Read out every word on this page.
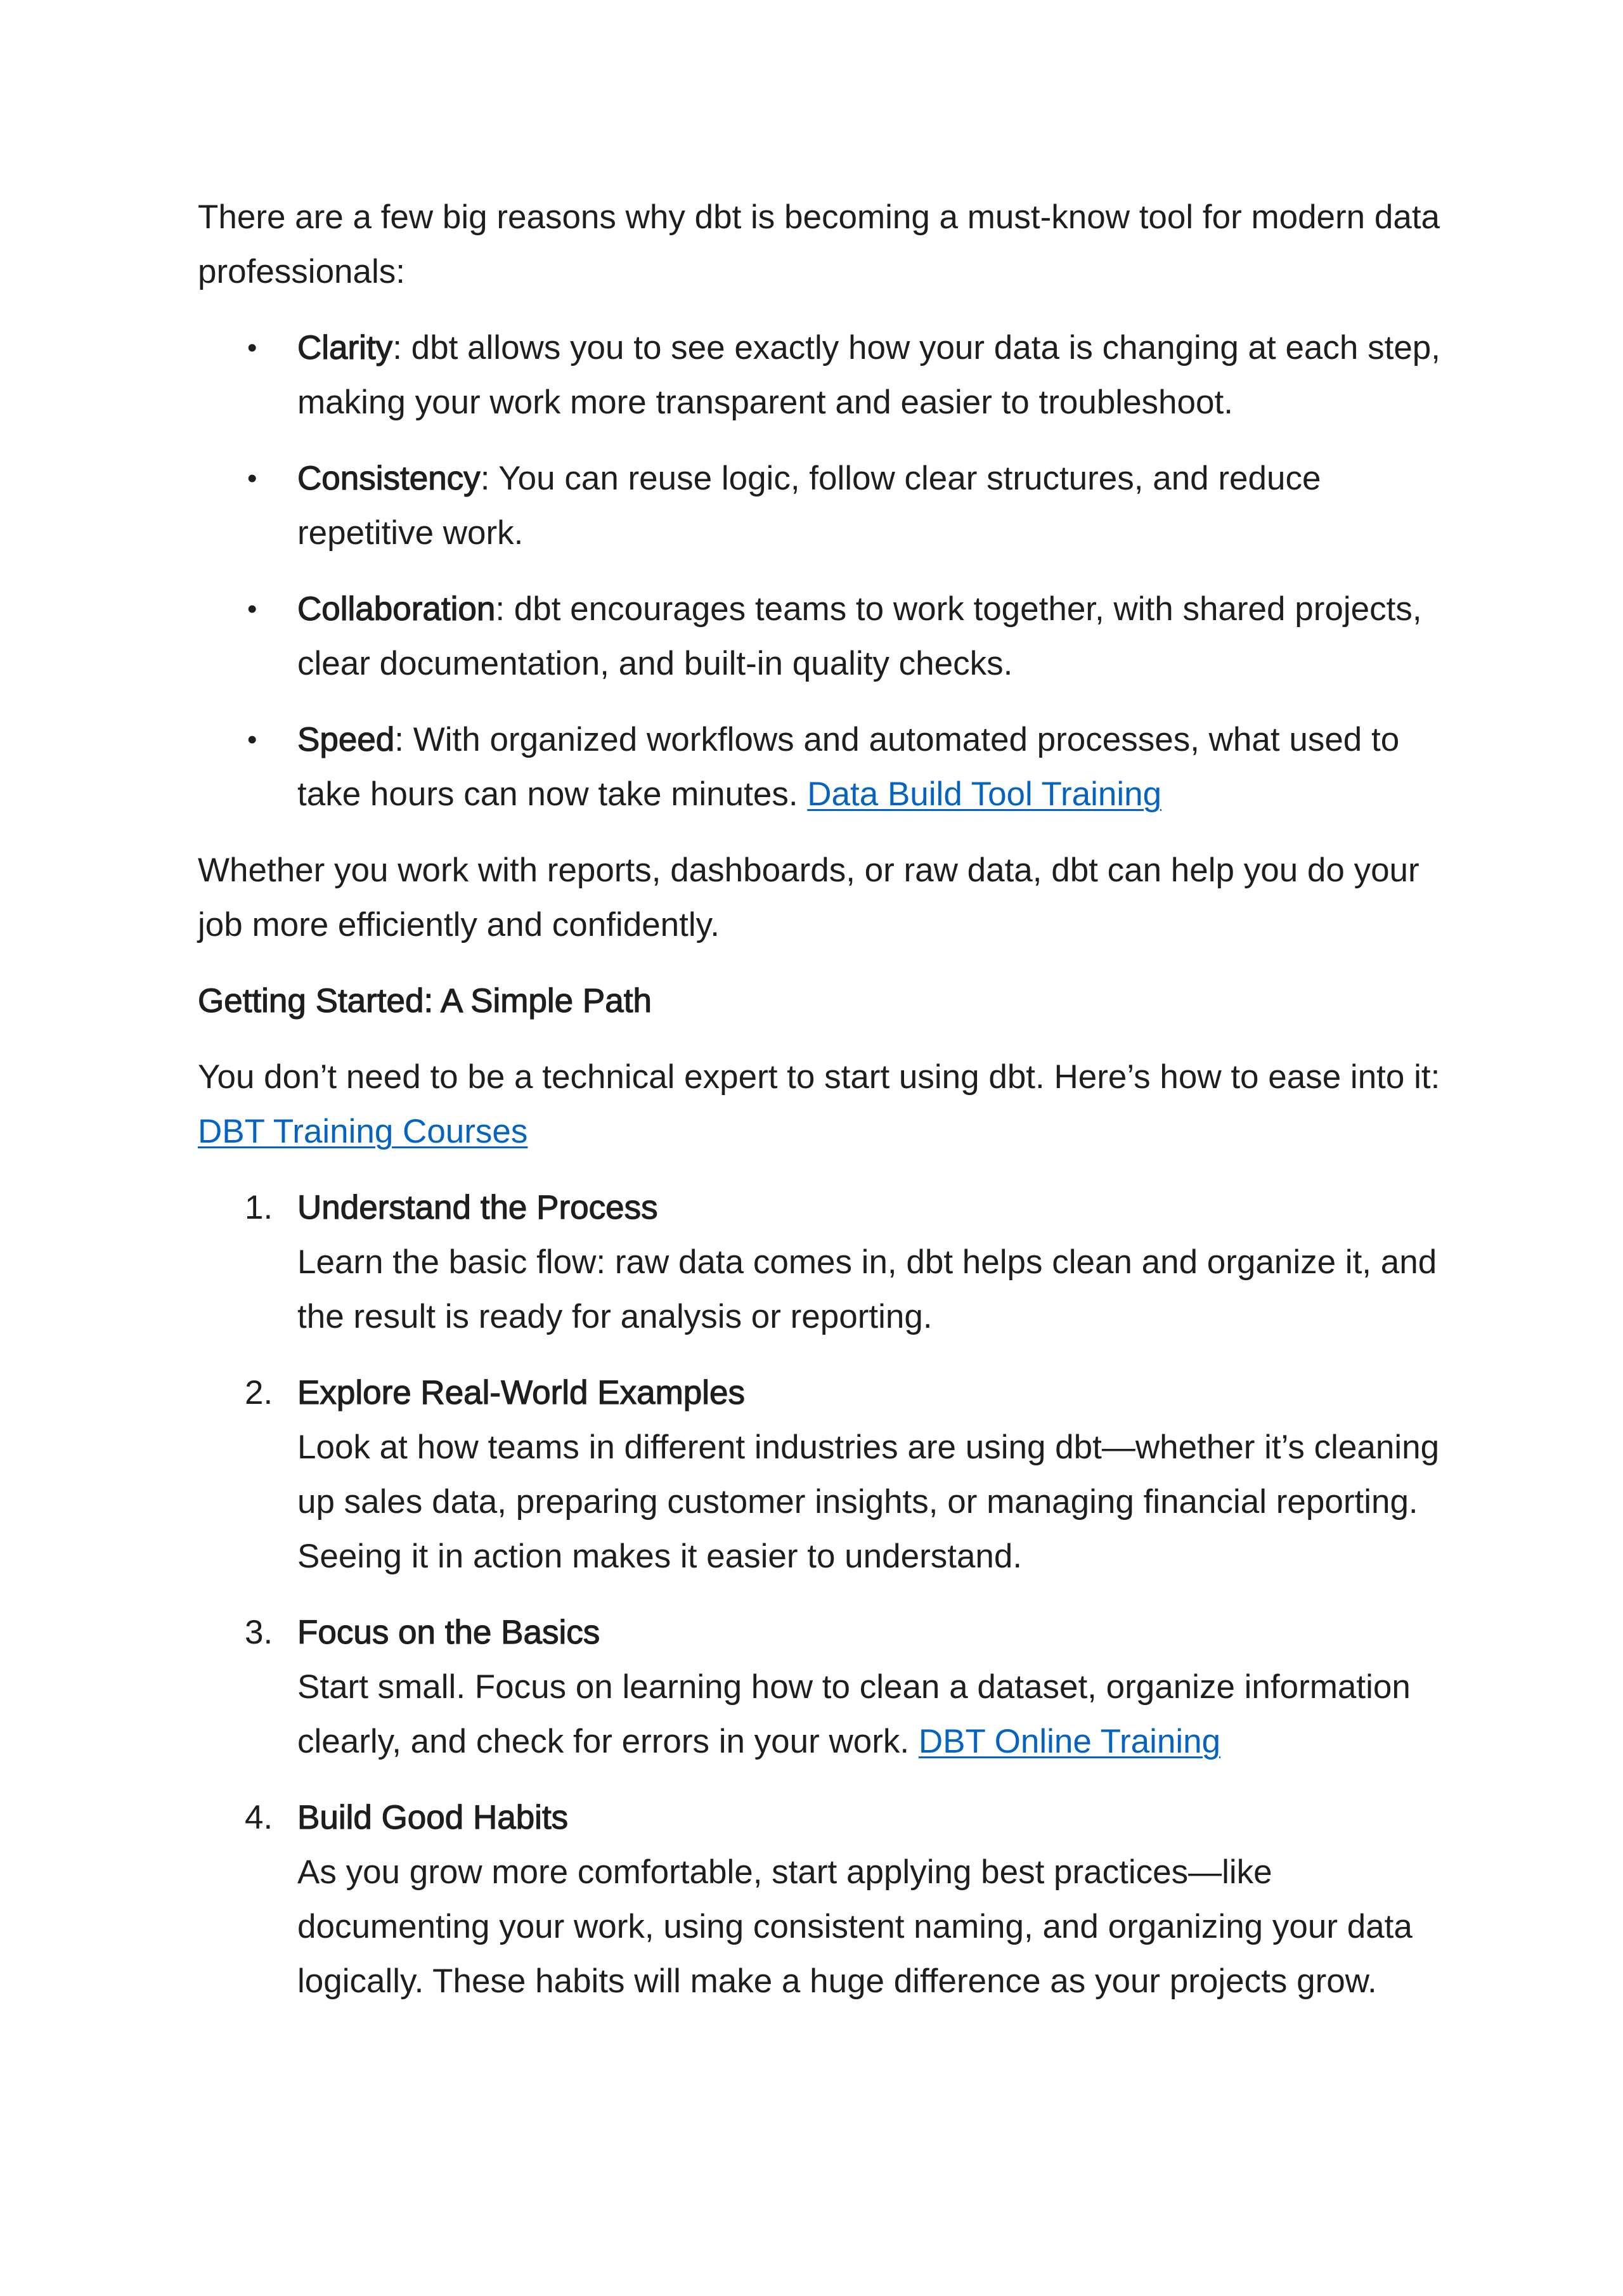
There are a few big reasons why dbt is becoming a must-know tool for modern data professionals:

• Clarity: dbt allows you to see exactly how your data is changing at each step, making your work more transparent and easier to troubleshoot.
• Consistency: You can reuse logic, follow clear structures, and reduce repetitive work.
• Collaboration: dbt encourages teams to work together, with shared projects, clear documentation, and built-in quality checks.
• Speed: With organized workflows and automated processes, what used to take hours can now take minutes. Data Build Tool Training

Whether you work with reports, dashboards, or raw data, dbt can help you do your job more efficiently and confidently.

Getting Started: A Simple Path

You don’t need to be a technical expert to start using dbt. Here’s how to ease into it: DBT Training Courses

1. Understand the Process
Learn the basic flow: raw data comes in, dbt helps clean and organize it, and the result is ready for analysis or reporting.
2. Explore Real-World Examples
Look at how teams in different industries are using dbt—whether it’s cleaning up sales data, preparing customer insights, or managing financial reporting. Seeing it in action makes it easier to understand.
3. Focus on the Basics
Start small. Focus on learning how to clean a dataset, organize information clearly, and check for errors in your work. DBT Online Training
4. Build Good Habits
As you grow more comfortable, start applying best practices—like documenting your work, using consistent naming, and organizing your data logically. These habits will make a huge difference as your projects grow.
